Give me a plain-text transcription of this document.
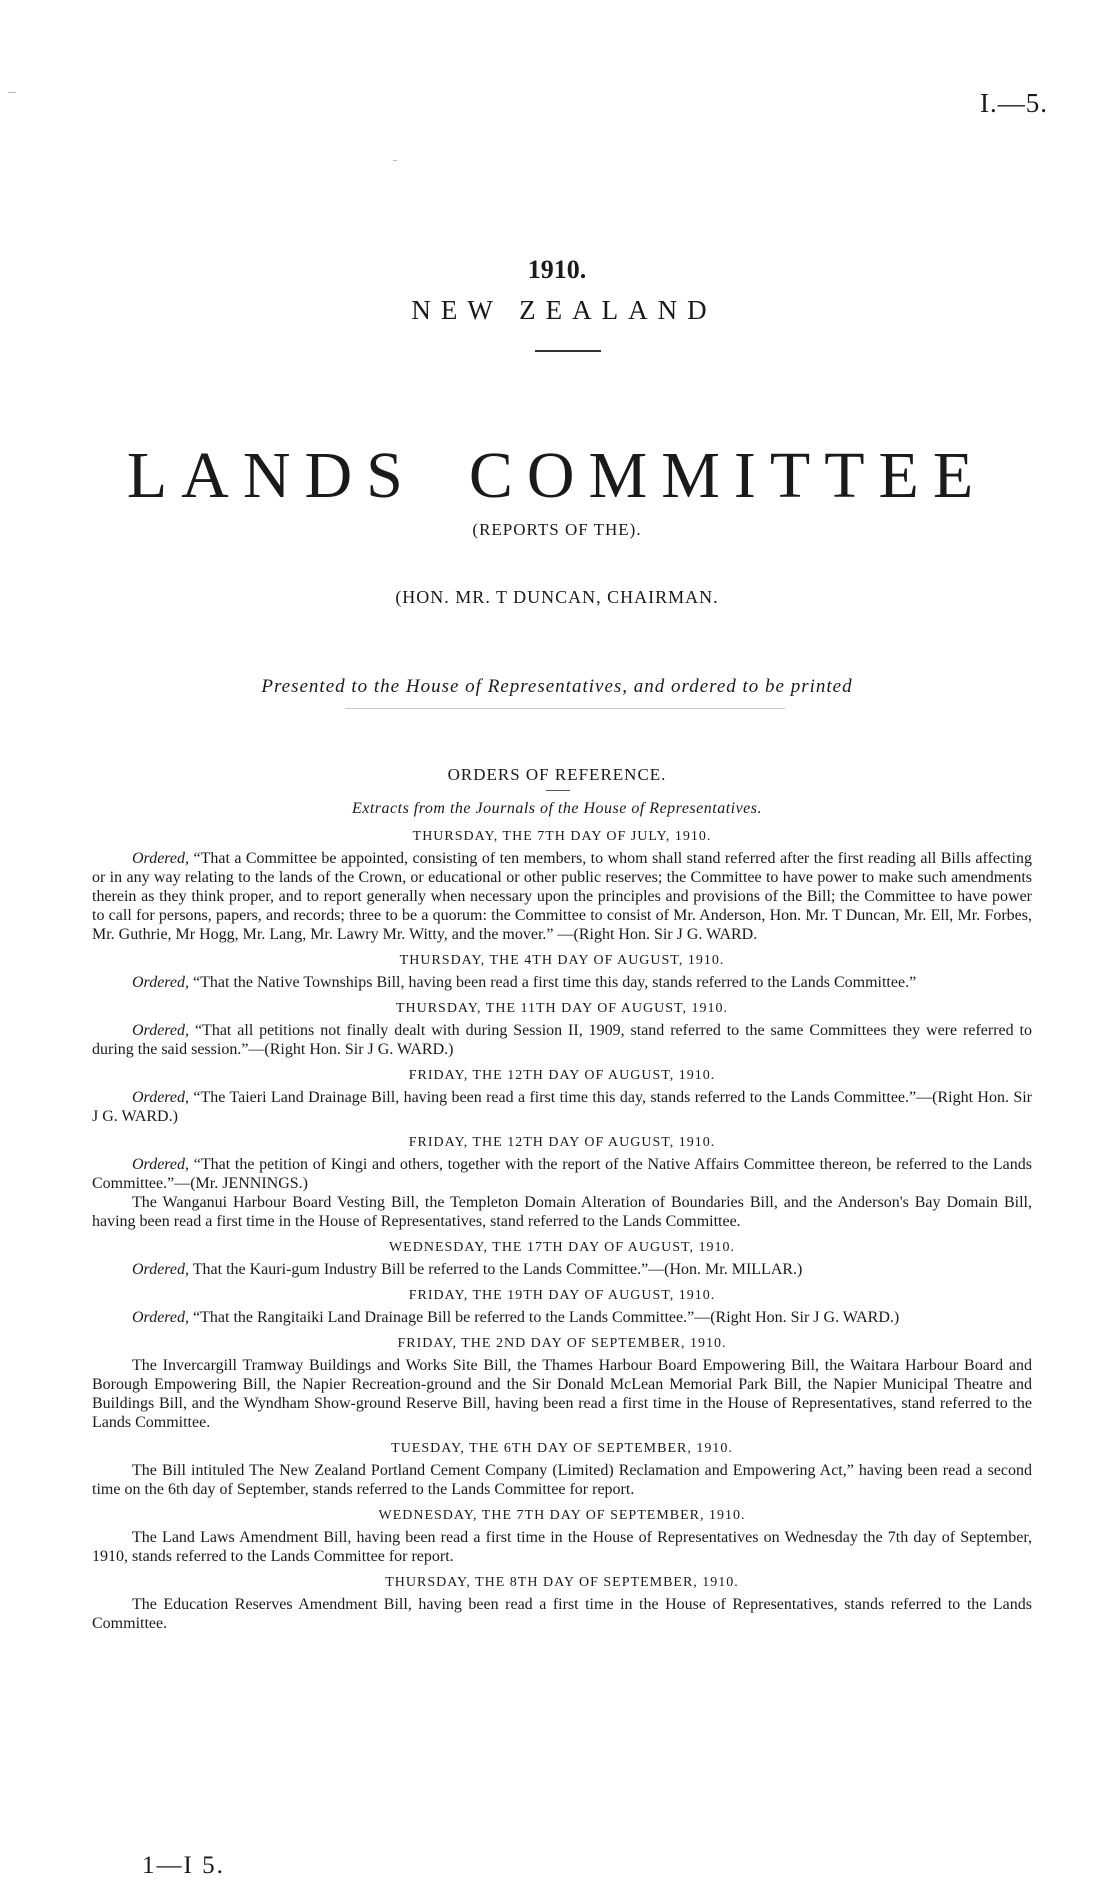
I.—5.
1910.
NEW ZEALAND
LANDS COMMITTEE
(REPORTS OF THE).
(HON. MR. T DUNCAN, CHAIRMAN.
Presented to the House of Representatives, and ordered to be printed
ORDERS OF REFERENCE.
Extracts from the Journals of the House of Representatives.
THURSDAY, THE 7TH DAY OF JULY, 1910.

Ordered, “That a Committee be appointed, consisting of ten members, to whom shall stand referred after the first reading all Bills affecting or in any way relating to the lands of the Crown, or educational or other public reserves; the Committee to have power to make such amendments therein as they think proper, and to report generally when necessary upon the principles and provisions of the Bill; the Committee to have power to call for persons, papers, and records; three to be a quorum: the Committee to consist of Mr. Anderson, Hon. Mr. T Duncan, Mr. Ell, Mr. Forbes, Mr. Guthrie, Mr Hogg, Mr. Lang, Mr. Lawry Mr. Witty, and the mover.” —(Right Hon. Sir J G. WARD.

THURSDAY, THE 4TH DAY OF AUGUST, 1910.

Ordered, “That the Native Townships Bill, having been read a first time this day, stands referred to the Lands Committee.”

THURSDAY, THE 11TH DAY OF AUGUST, 1910.

Ordered, “That all petitions not finally dealt with during Session II, 1909, stand referred to the same Committees they were referred to during the said session.”—(Right Hon. Sir J G. WARD.)

FRIDAY, THE 12TH DAY OF AUGUST, 1910.

Ordered, “The Taieri Land Drainage Bill, having been read a first time this day, stands referred to the Lands Committee.”—(Right Hon. Sir J G. WARD.)

FRIDAY, THE 12TH DAY OF AUGUST, 1910.

Ordered, “That the petition of Kingi and others, together with the report of the Native Affairs Committee thereon, be referred to the Lands Committee.”—(Mr. JENNINGS.)

The Wanganui Harbour Board Vesting Bill, the Templeton Domain Alteration of Boundaries Bill, and the Anderson's Bay Domain Bill, having been read a first time in the House of Representatives, stand referred to the Lands Committee.

WEDNESDAY, THE 17TH DAY OF AUGUST, 1910.

Ordered, That the Kauri-gum Industry Bill be referred to the Lands Committee.”—(Hon. Mr. MILLAR.)

FRIDAY, THE 19TH DAY OF AUGUST, 1910.

Ordered, “That the Rangitaiki Land Drainage Bill be referred to the Lands Committee.”—(Right Hon. Sir J G. WARD.)

FRIDAY, THE 2ND DAY OF SEPTEMBER, 1910.

The Invercargill Tramway Buildings and Works Site Bill, the Thames Harbour Board Empowering Bill, the Waitara Harbour Board and Borough Empowering Bill, the Napier Recreation-ground and the Sir Donald McLean Memorial Park Bill, the Napier Municipal Theatre and Buildings Bill, and the Wyndham Show-ground Reserve Bill, having been read a first time in the House of Representatives, stand referred to the Lands Committee.

TUESDAY, THE 6TH DAY OF SEPTEMBER, 1910.

The Bill intituled The New Zealand Portland Cement Company (Limited) Reclamation and Empowering Act,” having been read a second time on the 6th day of September, stands referred to the Lands Committee for report.

WEDNESDAY, THE 7TH DAY OF SEPTEMBER, 1910.

The Land Laws Amendment Bill, having been read a first time in the House of Representatives on Wednesday the 7th day of September, 1910, stands referred to the Lands Committee for report.

THURSDAY, THE 8TH DAY OF SEPTEMBER, 1910.

The Education Reserves Amendment Bill, having been read a first time in the House of Representatives, stands referred to the Lands Committee.

1—I 5.
